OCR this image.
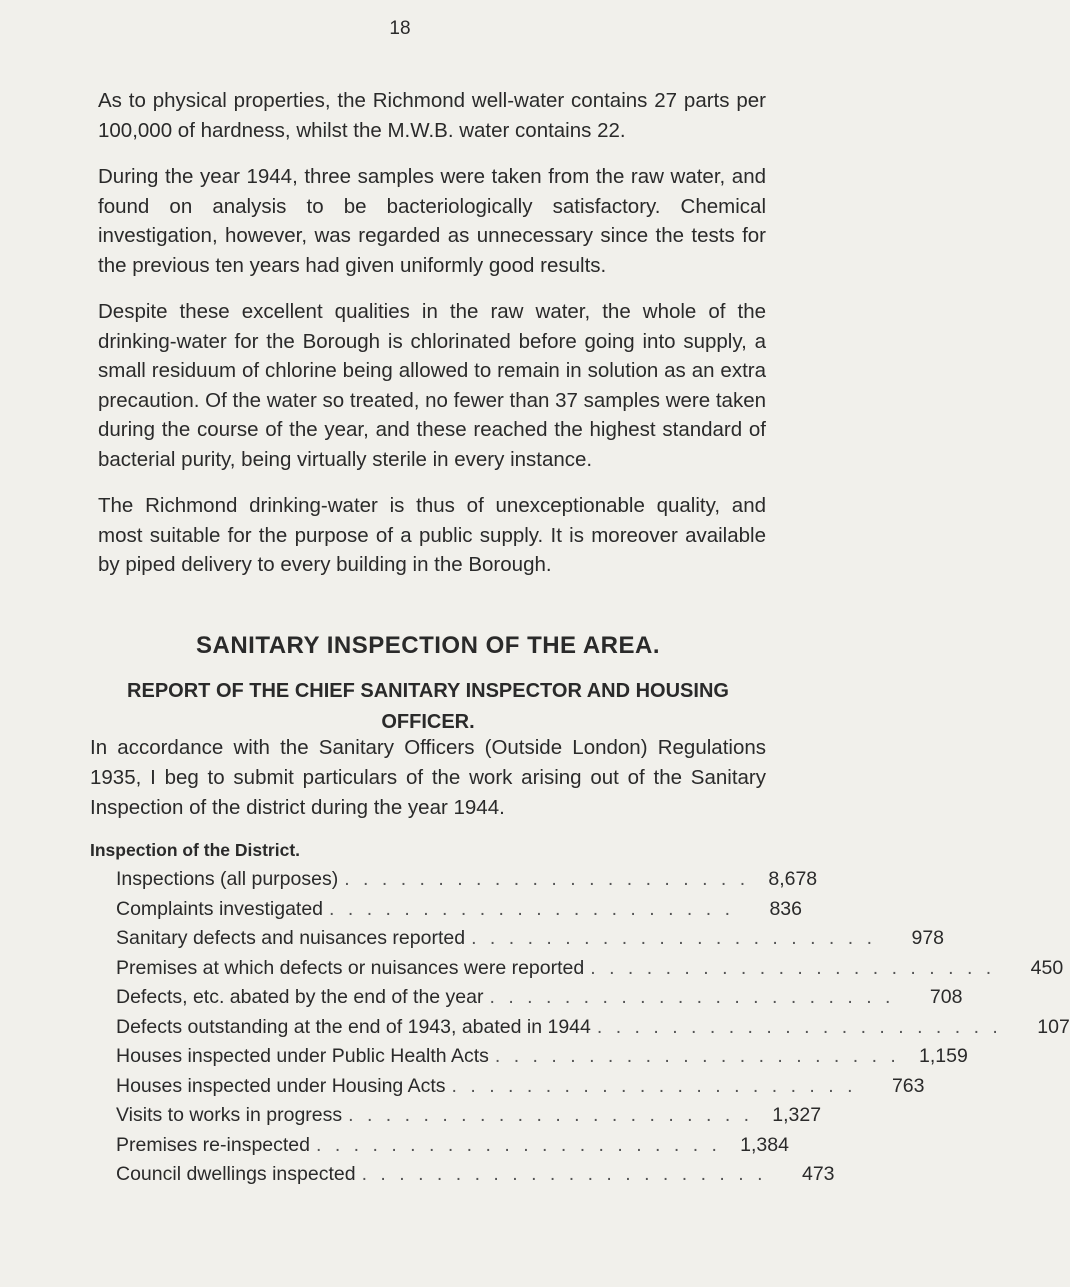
18

As to physical properties, the Richmond well-water contains 27 parts per 100,000 of hardness, whilst the M.W.B. water contains 22.

During the year 1944, three samples were taken from the raw water, and found on analysis to be bacteriologically satisfactory. Chemical investigation, however, was regarded as unnecessary since the tests for the previous ten years had given uniformly good results.

Despite these excellent qualities in the raw water, the whole of the drinking-water for the Borough is chlorinated before going into supply, a small residuum of chlorine being allowed to remain in solution as an extra precaution. Of the water so treated, no fewer than 37 samples were taken during the course of the year, and these reached the highest standard of bacterial purity, being virtually sterile in every instance.

The Richmond drinking-water is thus of unexceptionable quality, and most suitable for the purpose of a public supply. It is moreover available by piped delivery to every building in the Borough.

SANITARY INSPECTION OF THE AREA.
REPORT OF THE CHIEF SANITARY INSPECTOR AND HOUSING OFFICER.
In accordance with the Sanitary Officers (Outside London) Regulations 1935, I beg to submit particulars of the work arising out of the Sanitary Inspection of the district during the year 1944.
Inspection of the District.
Inspections (all purposes) . . . . . . . . . . . . . . . . . . . . . . 8,678
Complaints investigated . . . . . . . . . . . . . . . . . . . . . .	836
Sanitary defects and nuisances reported . . . . . . . . . . . . . . . . . . . . . .	978
Premises at which defects or nuisances were reported . . . . . . . . . . . . . . . . . . . . . .	450
Defects, etc. abated by the end of the year . . . . . . . . . . . . . . . . . . . . . .	708
Defects outstanding at the end of 1943, abated in 1944 . . . . . . . . . . . . . . . . . . . . . .	107
Houses inspected under Public Health Acts . . . . . . . . . . . . . . . . . . . . . . 1,159
Houses inspected under Housing Acts . . . . . . . . . . . . . . . . . . . . . .	763
Visits to works in progress . . . . . . . . . . . . . . . . . . . . . . 1,327
Premises re-inspected . . . . . . . . . . . . . . . . . . . . . . 1,384
Council dwellings inspected . . . . . . . . . . . . . . . . . . . . . .	473
